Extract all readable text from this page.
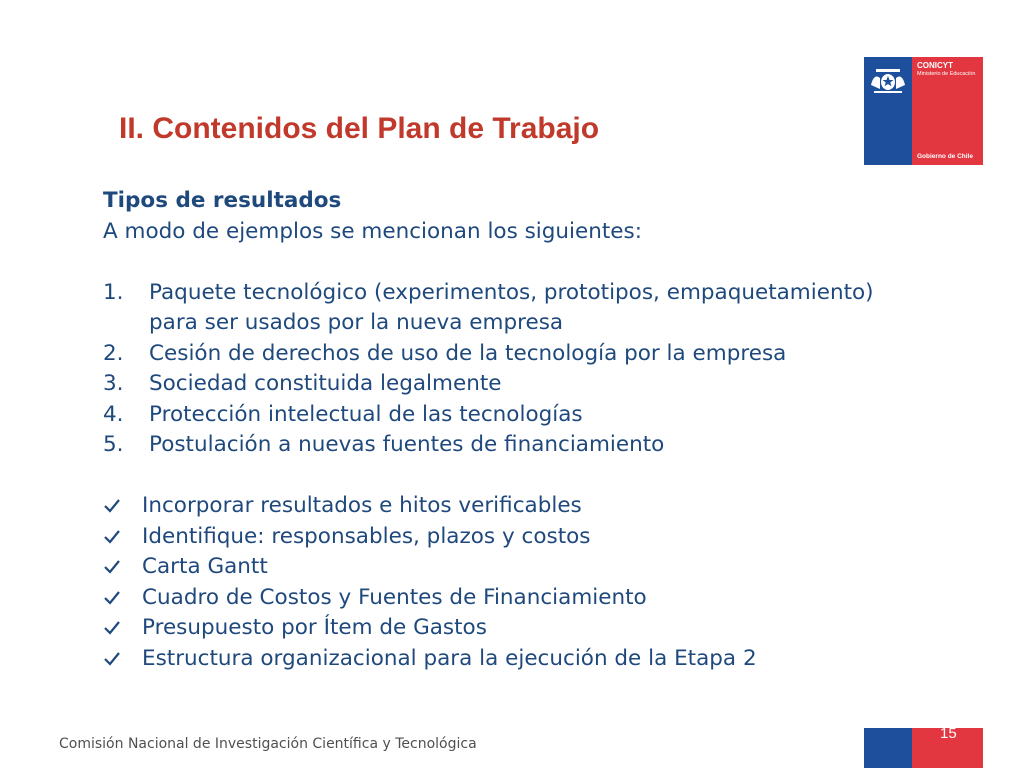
II. Contenidos del Plan de Trabajo
CONICYT
Ministerio de Educación
Gobierno de Chile
Tipos de resultados
A modo de ejemplos se mencionan los siguientes:
1.	Paquete tecnológico (experimentos, prototipos, empaquetamiento) para ser usados por la nueva empresa
2.	Cesión de derechos de uso de la tecnología por la empresa
3.	Sociedad constituida legalmente
4.	Protección intelectual de las tecnologías
5.	Postulación a nuevas fuentes de financiamiento
Incorporar resultados e hitos verificables
Identifique: responsables, plazos y costos
Carta Gantt
Cuadro de Costos y Fuentes de Financiamiento
Presupuesto por Ítem de Gastos
Estructura organizacional para la ejecución de la Etapa 2
Comisión Nacional de Investigación Científica y Tecnológica
15
